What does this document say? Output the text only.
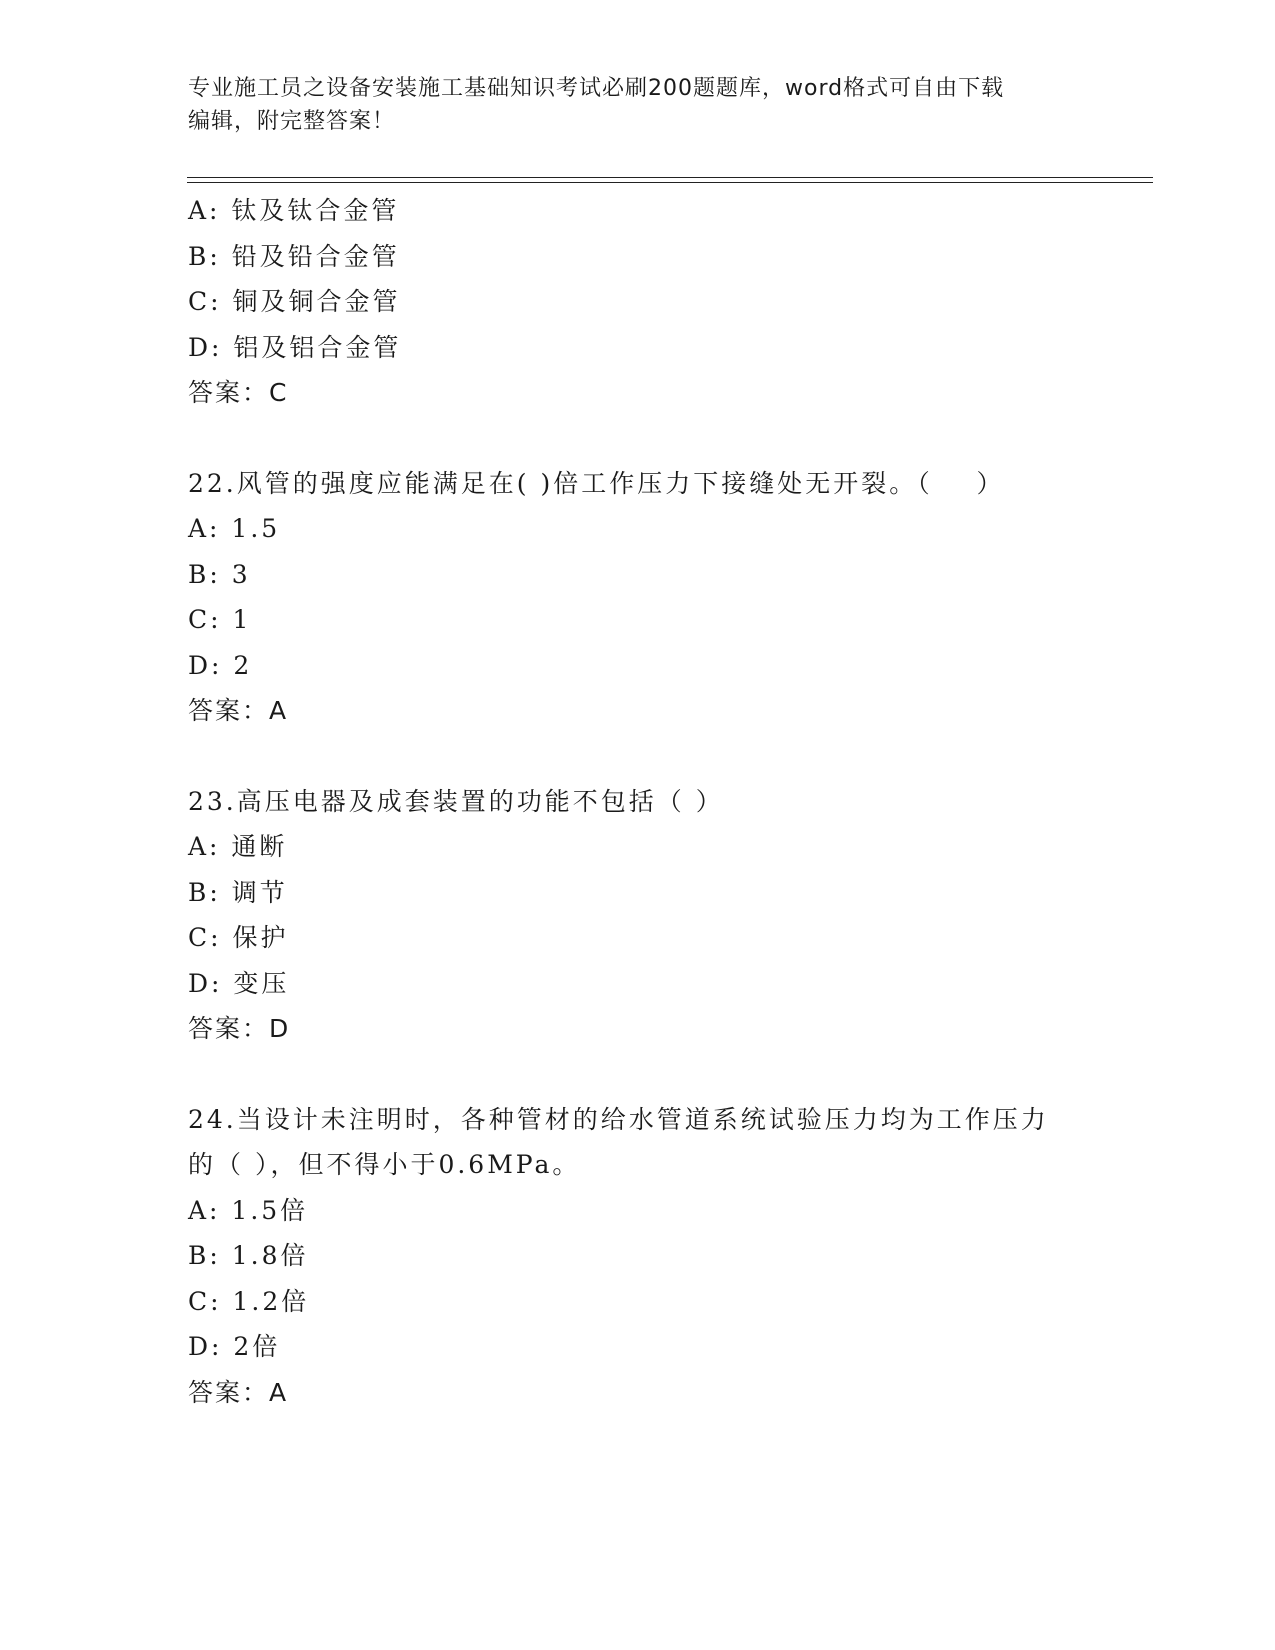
专业施工员之设备安装施工基础知识考试必刷200题题库，word格式可自由下载
编辑，附完整答案！
A: 钛及钛合金管
B: 铅及铅合金管
C: 铜及铜合金管
D: 铝及铝合金管
答案：C
22.风管的强度应能满足在( )倍工作压力下接缝处无开裂。（    ）
A: 1.5
B: 3
C: 1
D: 2
答案：A
23.高压电器及成套装置的功能不包括（ ）
A: 通断
B: 调节
C: 保护
D: 变压
答案：D
24.当设计未注明时，各种管材的给水管道系统试验压力均为工作压力
的（ ），但不得小于0.6MPa。
A: 1.5倍
B: 1.8倍
C: 1.2倍
D: 2倍
答案：A
